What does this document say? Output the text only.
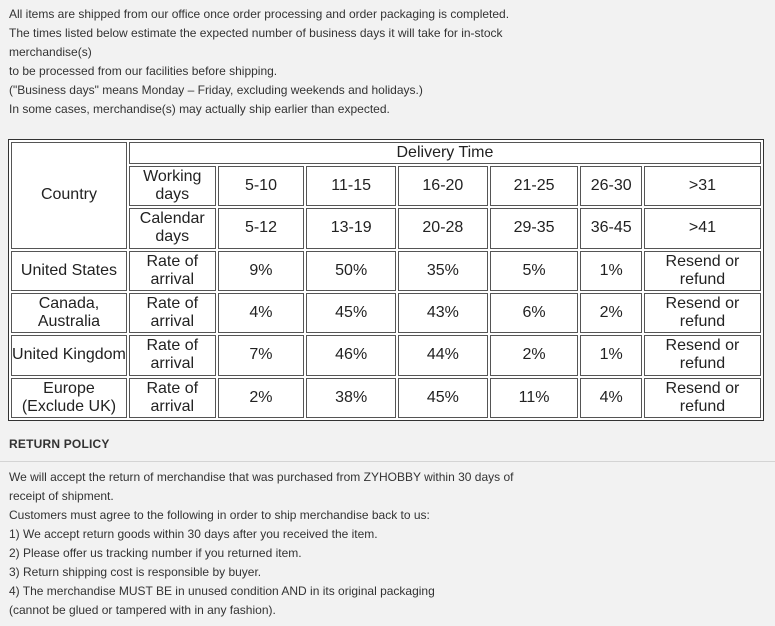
All items are shipped from our office once order processing and order packaging is completed.
The times listed below estimate the expected number of business days it will take for in-stock
merchandise(s)
to be processed from our facilities before shipping.
("Business days" means Monday – Friday, excluding weekends and holidays.)
In some cases, merchandise(s) may actually ship earlier than expected.
Country	Delivery Time						
	Working days	5-10	11-15	16-20	21-25	26-30	>31
	Calendar days	5-12	13-19	20-28	29-35	36-45	>41
United States	Rate of arrival	9%	50%	35%	5%	1%	Resend or refund
Canada, Australia	Rate of arrival	4%	45%	43%	6%	2%	Resend or refund
United Kingdom	Rate of arrival	7%	46%	44%	2%	1%	Resend or refund
Europe (Exclude UK)	Rate of arrival	2%	38%	45%	11%	4%	Resend or refund
RETURN POLICY
We will accept the return of merchandise that was purchased from ZYHOBBY within 30 days of
receipt of shipment.
Customers must agree to the following in order to ship merchandise back to us:
1) We accept return goods within 30 days after you received the item.
2) Please offer us tracking number if you returned item.
3) Return shipping cost is responsible by buyer.
4) The merchandise MUST BE in unused condition AND in its original packaging
(cannot be glued or tampered with in any fashion).
